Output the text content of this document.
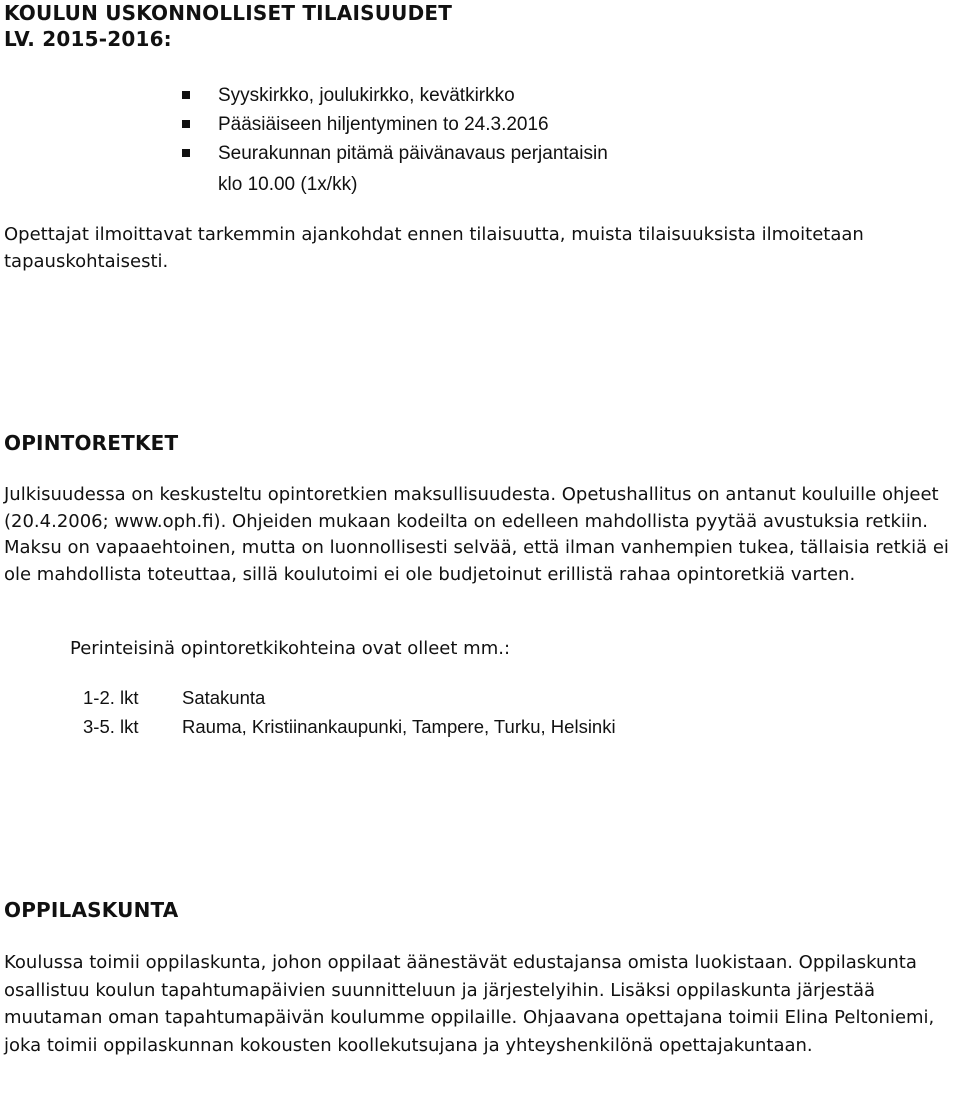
KOULUN USKONNOLLISET TILAISUUDET
LV. 2015-2016:
Syyskirkko, joulukirkko, kevätkirkko
Pääsiäiseen hiljentyminen to 24.3.2016
Seurakunnan pitämä päivänavaus perjantaisin
klo 10.00 (1x/kk)

Opettajat ilmoittavat tarkemmin ajankohdat ennen tilaisuutta, muista tilaisuuksista ilmoitetaan tapauskohtaisesti.

OPINTORETKET

Julkisuudessa on keskusteltu opintoretkien maksullisuudesta. Opetushallitus on antanut kouluille ohjeet (20.4.2006; www.oph.fi). Ohjeiden mukaan kodeilta on edelleen mahdollista pyytää avustuksia retkiin. Maksu on vapaaehtoinen, mutta on luonnollisesti selvää, että ilman vanhempien tukea, tällaisia retkiä ei ole mahdollista toteuttaa, sillä koulutoimi ei ole budjetoinut erillistä rahaa opintoretkiä varten.

Perinteisinä opintoretkikohteina ovat olleet mm.:
1-2. lkt Satakunta
3-5. lkt Rauma, Kristiinankaupunki, Tampere, Turku, Helsinki
OPPILASKUNTA

Koulussa toimii oppilaskunta, johon oppilaat äänestävät edustajansa omista luokistaan. Oppilaskunta osallistuu koulun tapahtumapäivien suunnitteluun ja järjestelyihin. Lisäksi oppilaskunta järjestää muutaman oman tapahtumapäivän koulumme oppilaille. Ohjaavana opettajana toimii Elina Peltoniemi, joka toimii oppilaskunnan kokousten koollekutsujana ja yhteyshenkilönä opettajakuntaan.
